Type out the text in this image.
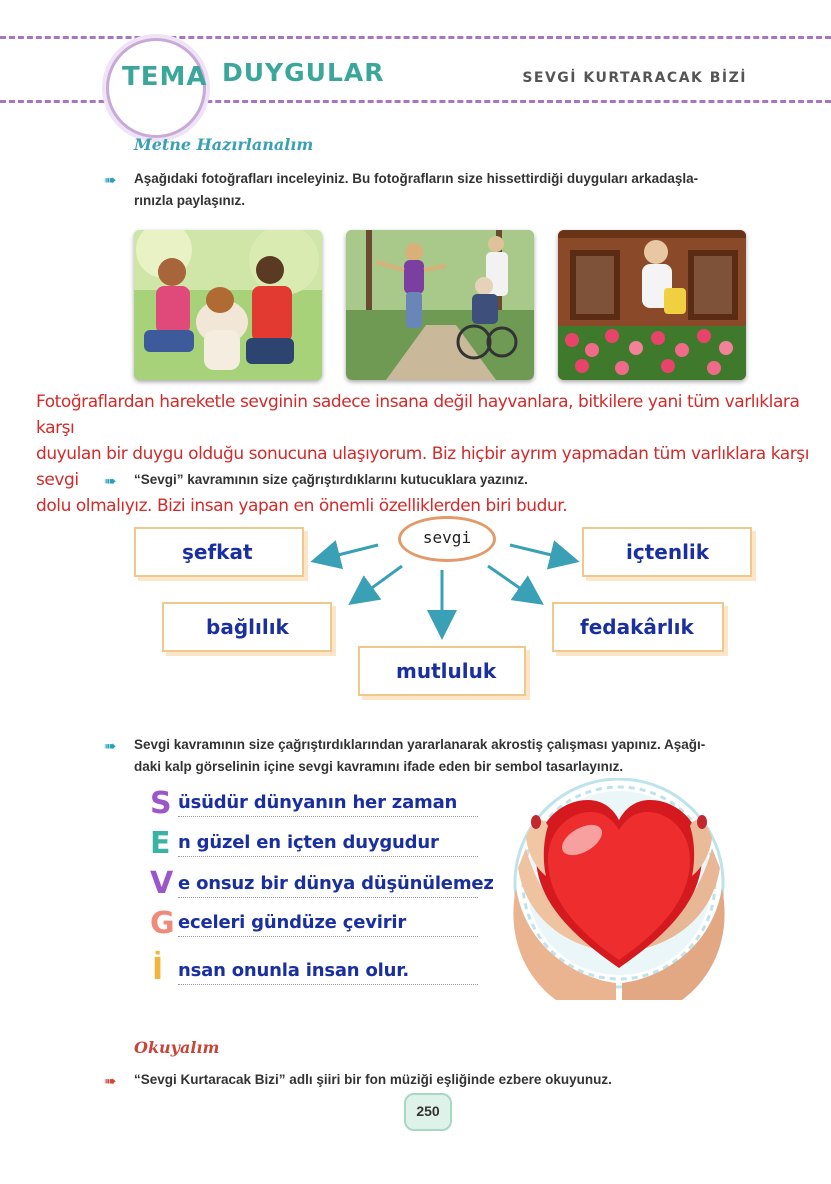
TEMA DUYGULAR	SEVGİ KURTARACAK BİZİ
Metne Hazırlanalım
➠ Aşağıdaki fotoğrafları inceleyiniz. Bu fotoğrafların size hissettirdiği duyguları arkadaşla-
rınızla paylaşınız.
Fotoğraflardan hareketle sevginin sadece insana değil hayvanlara, bitkilere yani tüm varlıklara karşı
duyulan bir duygu olduğu sonucuna ulaşıyorum. Biz hiçbir ayrım yapmadan tüm varlıklara karşı sevgi
dolu olmalıyız. Bizi insan yapan en önemli özelliklerden biri budur.
➠ “Sevgi” kavramının size çağrıştırdıklarını kutucuklara yazınız.
sevgi
şefkat	içtenlik
bağlılık	fedakârlık
mutluluk
➠ Sevgi kavramının size çağrıştırdıklarından yararlanarak akrostiş çalışması yapınız. Aşağı-
daki kalp görselinin içine sevgi kavramını ifade eden bir sembol tasarlayınız.
S üsüdür dünyanın her zaman
E n güzel en içten duygudur
V e onsuz bir dünya düşünülemez
G eceleri gündüze çevirir
İ nsan onunla insan olur.
Okuyalım
➠ “Sevgi Kurtaracak Bizi” adlı şiiri bir fon müziği eşliğinde ezbere okuyunuz.
250
